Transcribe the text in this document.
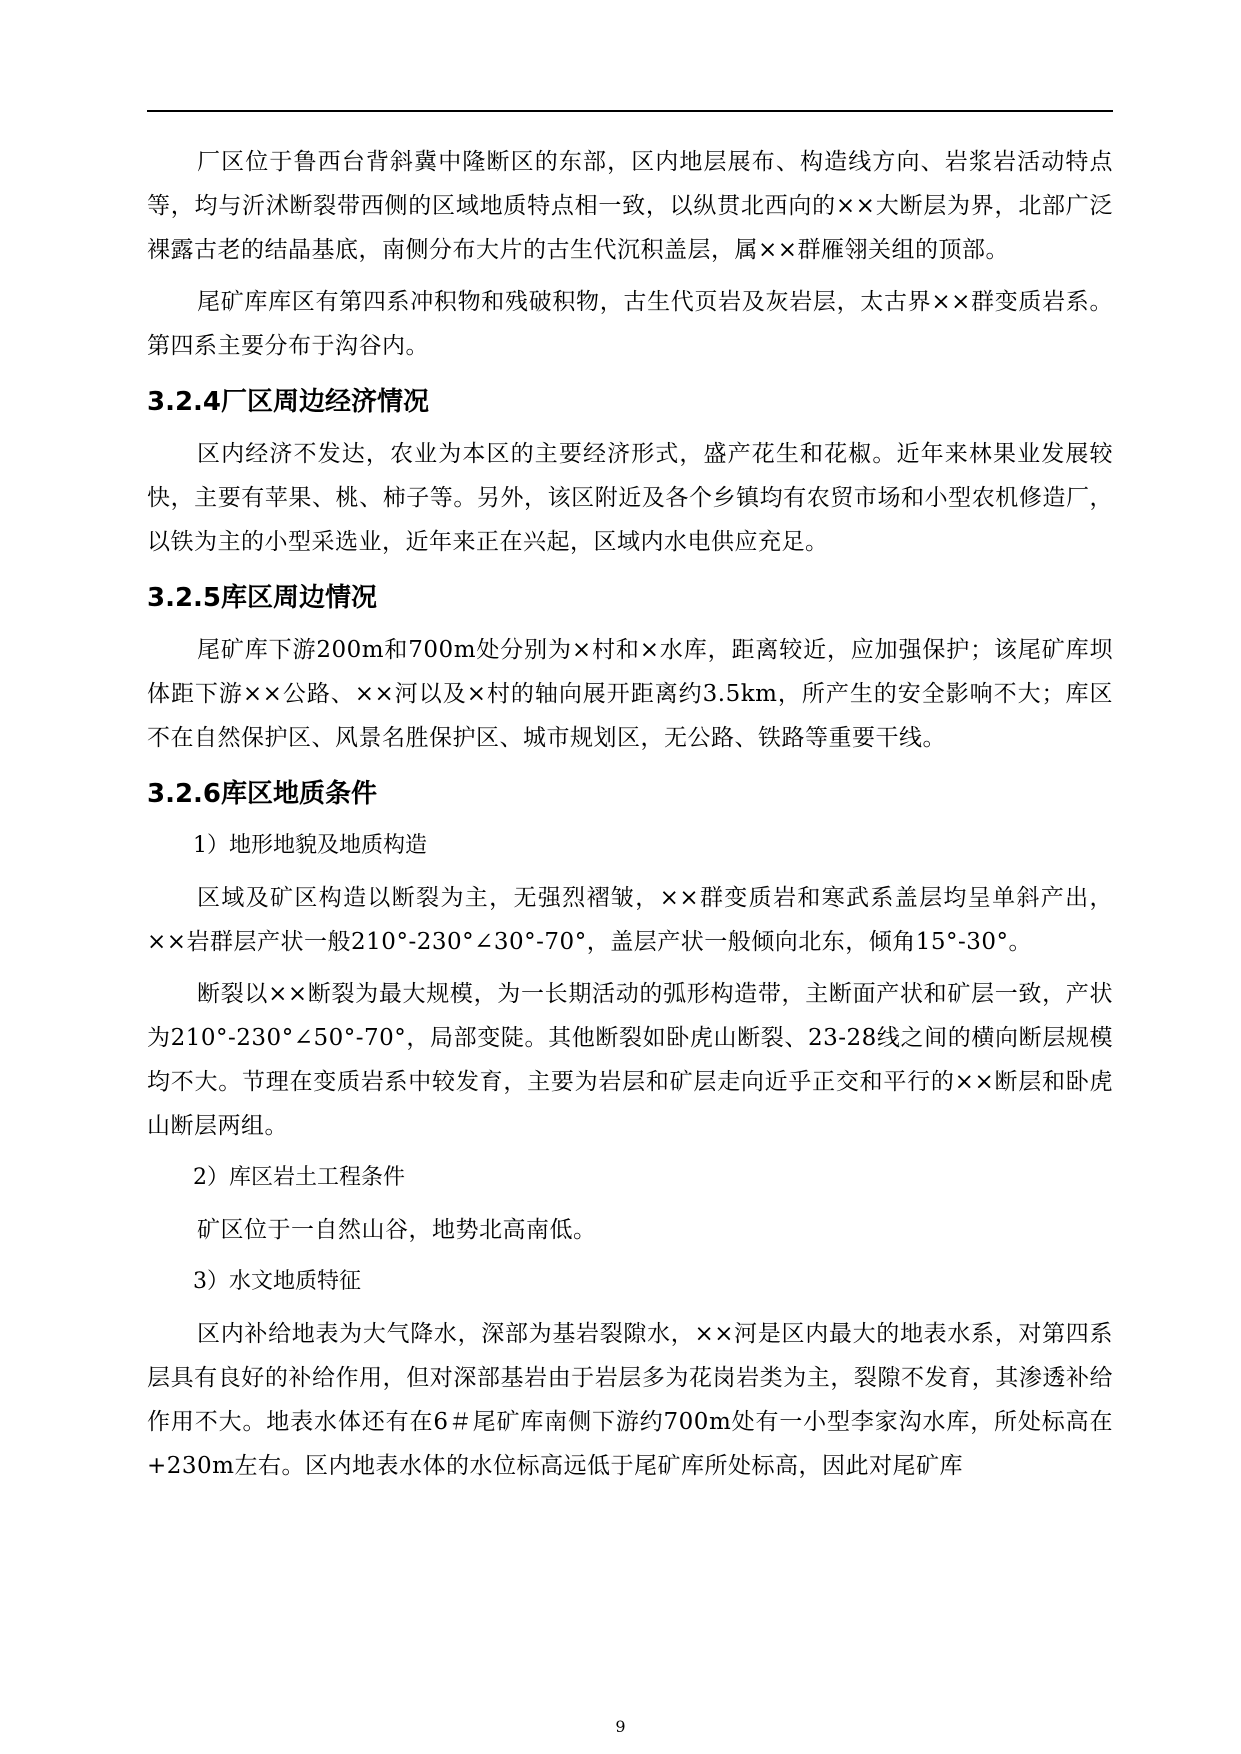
厂区位于鲁西台背斜冀中隆断区的东部，区内地层展布、构造线方向、岩浆岩活动特点等，均与沂沭断裂带西侧的区域地质特点相一致，以纵贯北西向的××大断层为界，北部广泛裸露古老的结晶基底，南侧分布大片的古生代沉积盖层，属××群雁翎关组的顶部。

尾矿库库区有第四系冲积物和残破积物，古生代页岩及灰岩层，太古界××群变质岩系。第四系主要分布于沟谷内。

3.2.4厂区周边经济情况

区内经济不发达，农业为本区的主要经济形式，盛产花生和花椒。近年来林果业发展较快，主要有苹果、桃、柿子等。另外，该区附近及各个乡镇均有农贸市场和小型农机修造厂，以铁为主的小型采选业，近年来正在兴起，区域内水电供应充足。

3.2.5库区周边情况

尾矿库下游200m和700m处分别为×村和×水库，距离较近，应加强保护；该尾矿库坝体距下游××公路、××河以及×村的轴向展开距离约3.5km，所产生的安全影响不大；库区不在自然保护区、风景名胜保护区、城市规划区，无公路、铁路等重要干线。

3.2.6库区地质条件

1）地形地貌及地质构造

区域及矿区构造以断裂为主，无强烈褶皱，××群变质岩和寒武系盖层均呈单斜产出，××岩群层产状一般210°-230°∠30°-70°，盖层产状一般倾向北东，倾角15°-30°。

断裂以××断裂为最大规模，为一长期活动的弧形构造带，主断面产状和矿层一致，产状为210°-230°∠50°-70°，局部变陡。其他断裂如卧虎山断裂、23-28线之间的横向断层规模均不大。节理在变质岩系中较发育，主要为岩层和矿层走向近乎正交和平行的××断层和卧虎山断层两组。

2）库区岩土工程条件

矿区位于一自然山谷，地势北高南低。

3）水文地质特征

区内补给地表为大气降水，深部为基岩裂隙水，××河是区内最大的地表水系，对第四系层具有良好的补给作用，但对深部基岩由于岩层多为花岗岩类为主，裂隙不发育，其渗透补给作用不大。地表水体还有在6＃尾矿库南侧下游约700m处有一小型李家沟水库，所处标高在+230m左右。区内地表水体的水位标高远低于尾矿库所处标高，因此对尾矿库

9
